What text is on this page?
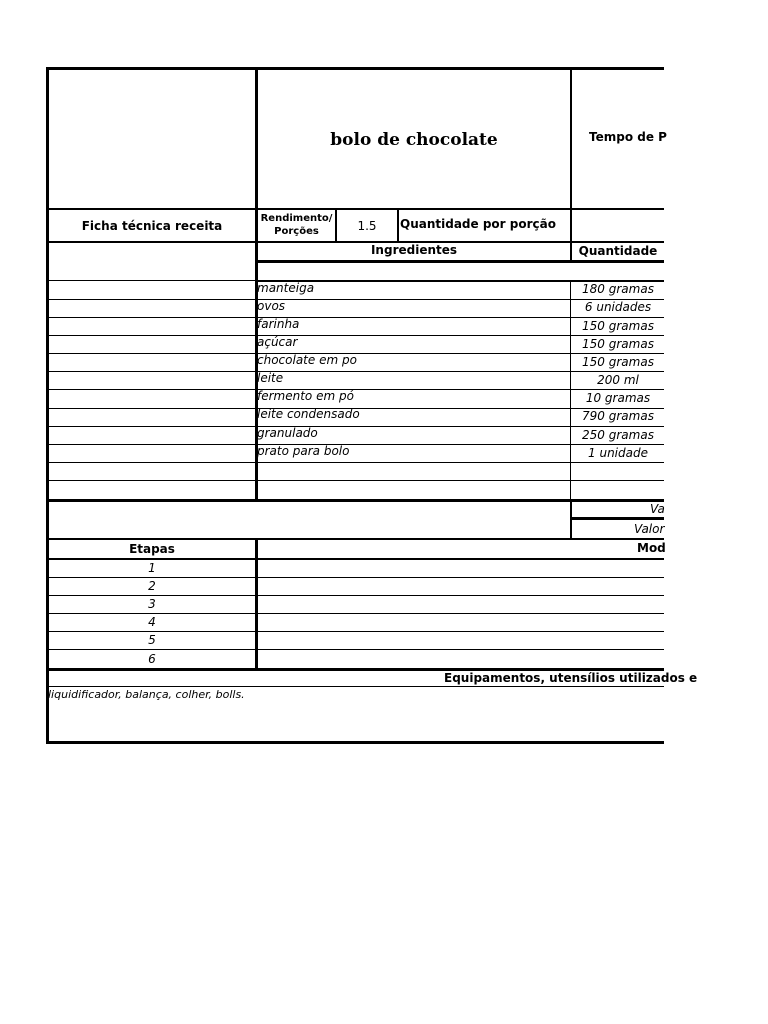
bolo de chocolate	Tempo de P
Ficha técnica receita
Rendimento/
Porções	1.5	Quantidade por porção
Ingredientes	Quantidade
manteiga	180 gramas
ovos	6 unidades
farinha	150 gramas
açúcar	150 gramas
chocolate em po	150 gramas
leite	200 ml
fermento em pó	10 gramas
leite condensado	790 gramas
granulado	250 gramas
prato para bolo	1 unidade
Va
Valor
Etapas	Mod
1
2
3
4
5
6
Equipamentos, utensílios utilizados e
liquidificador, balança, colher, bolls.
